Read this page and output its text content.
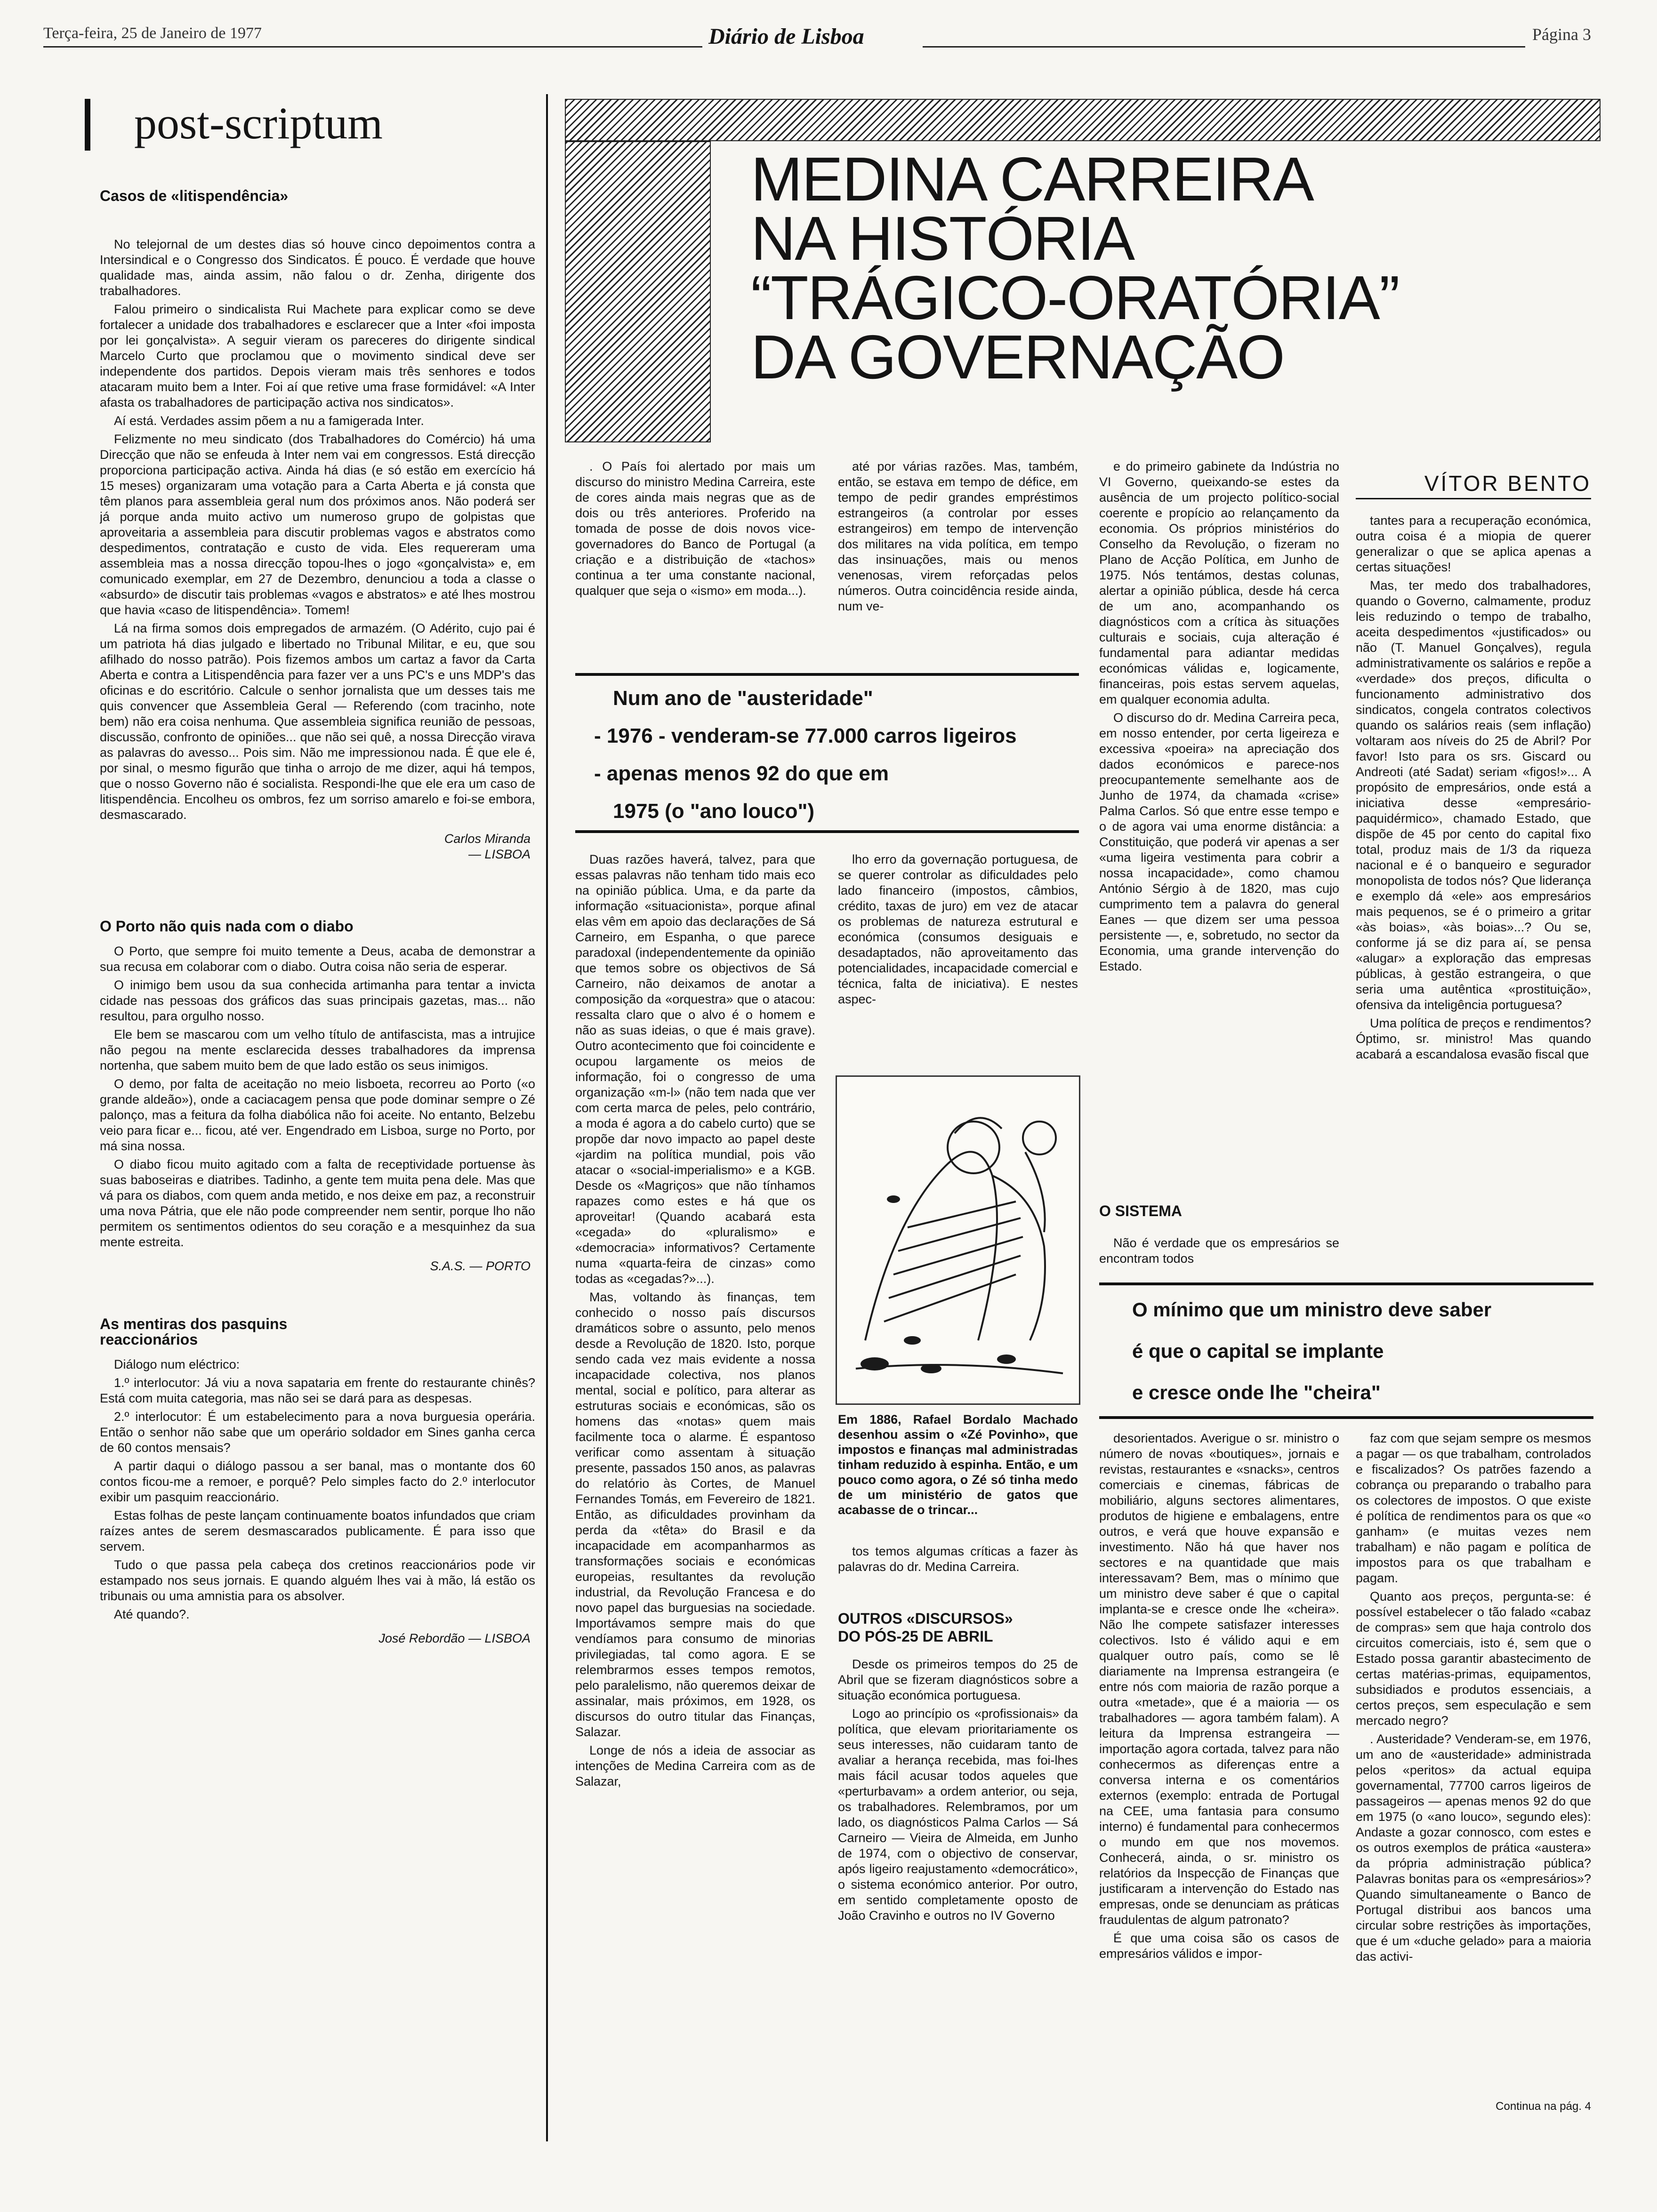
Terça-feira, 25 de Janeiro de 1977	Diário de Lisboa	Página 3
post-scriptum
Casos de «litispendência»

No telejornal de um destes dias só houve cinco depoimentos contra a Intersindical e o Congresso dos Sindicatos. É pouco. É verdade que houve qualidade mas, ainda assim, não falou o dr. Zenha, dirigente dos trabalhadores.

Falou primeiro o sindicalista Rui Machete para explicar como se deve fortalecer a unidade dos trabalhadores e esclarecer que a Inter «foi imposta por lei gonçalvista». A seguir vieram os pareceres do dirigente sindical Marcelo Curto que proclamou que o movimento sindical deve ser independente dos partidos. Depois vieram mais três senhores e todos atacaram muito bem a Inter. Foi aí que retive uma frase formidável: «A Inter afasta os trabalhadores de participação activa nos sindicatos».

Aí está. Verdades assim põem a nu a famigerada Inter.

Felizmente no meu sindicato (dos Trabalhadores do Comércio) há uma Direcção que não se enfeuda à Inter nem vai em congressos. Está direcção proporciona participação activa. Ainda há dias (e só estão em exercício há 15 meses) organizaram uma votação para a Carta Aberta e já consta que têm planos para assembleia geral num dos próximos anos. Não poderá ser já porque anda muito activo um numeroso grupo de golpistas que aproveitaria a assembleia para discutir problemas vagos e abstratos como despedimentos, contratação e custo de vida. Eles requereram uma assembleia mas a nossa direcção topou-lhes o jogo «gonçalvista» e, em comunicado exemplar, em 27 de Dezembro, denunciou a toda a classe o «absurdo» de discutir tais problemas «vagos e abstratos» e até lhes mostrou que havia «caso de litispendência». Tomem!

Lá na firma somos dois empregados de armazém. (O Adérito, cujo pai é um patriota há dias julgado e libertado no Tribunal Militar, e eu, que sou afilhado do nosso patrão). Pois fizemos ambos um cartaz a favor da Carta Aberta e contra a Litispendência para fazer ver a uns PC's e uns MDP's das oficinas e do escritório. Calcule o senhor jornalista que um desses tais me quis convencer que Assembleia Geral — Referendo (com tracinho, note bem) não era coisa nenhuma. Que assembleia significa reunião de pessoas, discussão, confronto de opiniões... que não sei quê, a nossa Direcção virava as palavras do avesso... Pois sim. Não me impressionou nada. É que ele é, por sinal, o mesmo figurão que tinha o arrojo de me dizer, aqui há tempos, que o nosso Governo não é socialista. Respondi-lhe que ele era um caso de litispendência. Encolheu os ombros, fez um sorriso amarelo e foi-se embora, desmascarado.

Carlos Miranda
— LISBOA
O Porto não quis nada com o diabo

O Porto, que sempre foi muito temente a Deus, acaba de demonstrar a sua recusa em colaborar com o diabo. Outra coisa não seria de esperar.

O inimigo bem usou da sua conhecida artimanha para tentar a invicta cidade nas pessoas dos gráficos das suas principais gazetas, mas... não resultou, para orgulho nosso.

Ele bem se mascarou com um velho título de antifascista, mas a intrujice não pegou na mente esclarecida desses trabalhadores da imprensa nortenha, que sabem muito bem de que lado estão os seus inimigos.

O demo, por falta de aceitação no meio lisboeta, recorreu ao Porto («o grande aldeão»), onde a caciacagem pensa que pode dominar sempre o Zé palonço, mas a feitura da folha diabólica não foi aceite. No entanto, Belzebu veio para ficar e... ficou, até ver. Engendrado em Lisboa, surge no Porto, por má sina nossa.

O diabo ficou muito agitado com a falta de receptividade portuense às suas baboseiras e diatribes. Tadinho, a gente tem muita pena dele. Mas que vá para os diabos, com quem anda metido, e nos deixe em paz, a reconstruir uma nova Pátria, que ele não pode compreender nem sentir, porque lho não permitem os sentimentos odientos do seu coração e a mesquinhez da sua mente estreita.

S.A.S. — PORTO
As mentiras dos pasquins
reaccionários

Diálogo num eléctrico:

1.º interlocutor: Já viu a nova sapataria em frente do restaurante chinês? Está com muita categoria, mas não sei se dará para as despesas.

2.º interlocutor: É um estabelecimento para a nova burguesia operária. Então o senhor não sabe que um operário soldador em Sines ganha cerca de 60 contos mensais?

A partir daqui o diálogo passou a ser banal, mas o montante dos 60 contos ficou-me a remoer, e porquê? Pelo simples facto do 2.º interlocutor exibir um pasquim reaccionário.

Estas folhas de peste lançam continuamente boatos infundados que criam raízes antes de serem desmascarados publicamente. É para isso que servem.

Tudo o que passa pela cabeça dos cretinos reaccionários pode vir estampado nos seus jornais. E quando alguém lhes vai à mão, lá estão os tribunais ou uma amnistia para os absolver.

Até quando?.

José Rebordão — LISBOA
MEDINA CARREIRA
NA HISTÓRIA
“TRÁGICO-ORATÓRIA”
DA GOVERNAÇÃO

. O País foi alertado por mais um discurso do ministro Medina Carreira, este de cores ainda mais negras que as de dois ou três anteriores. Proferido na tomada de posse de dois novos vice-governadores do Banco de Portugal (a criação e a distribuição de «tachos» continua a ter uma constante nacional, qualquer que seja o «ismo» em moda...).

até por várias razões. Mas, também, então, se estava em tempo de défice, em tempo de pedir grandes empréstimos estrangeiros (a controlar por esses estrangeiros) em tempo de intervenção dos militares na vida política, em tempo das insinuações, mais ou menos venenosas, virem reforçadas pelos números. Outra coincidência reside ainda, num ve-

Num ano de "austeridade"
- 1976 - venderam-se 77.000 carros ligeiros
- apenas menos 92 do que em
1975 (o "ano louco")

Duas razões haverá, talvez, para que essas palavras não tenham tido mais eco na opinião pública. Uma, e da parte da informação «situacionista», porque afinal elas vêm em apoio das declarações de Sá Carneiro, em Espanha, o que parece paradoxal (independentemente da opinião que temos sobre os objectivos de Sá Carneiro, não deixamos de anotar a composição da «orquestra» que o atacou: ressalta claro que o alvo é o homem e não as suas ideias, o que é mais grave). Outro acontecimento que foi coincidente e ocupou largamente os meios de informação, foi o congresso de uma organização «m-l» (não tem nada que ver com certa marca de peles, pelo contrário, a moda é agora a do cabelo curto) que se propõe dar novo impacto ao papel deste «jardim na política mundial, pois vão atacar o «social-imperialismo» e a KGB. Desde os «Magriços» que não tínhamos rapazes como estes e há que os aproveitar! (Quando acabará esta «cegada» do «pluralismo» e «democracia» informativos? Certamente numa «quarta-feira de cinzas» como todas as «cegadas?»...).

Mas, voltando às finanças, tem conhecido o nosso país discursos dramáticos sobre o assunto, pelo menos desde a Revolução de 1820. Isto, porque sendo cada vez mais evidente a nossa incapacidade colectiva, nos planos mental, social e político, para alterar as estruturas sociais e económicas, são os homens das «notas» quem mais facilmente toca o alarme. É espantoso verificar como assentam à situação presente, passados 150 anos, as palavras do relatório às Cortes, de Manuel Fernandes Tomás, em Fevereiro de 1821. Então, as dificuldades provinham da perda da «têta» do Brasil e da incapacidade em acompanharmos as transformações sociais e económicas europeias, resultantes da revolução industrial, da Revolução Francesa e do novo papel das burguesias na sociedade. Importávamos sempre mais do que vendíamos para consumo de minorias privilegiadas, tal como agora. E se relembrarmos esses tempos remotos, pelo paralelismo, não queremos deixar de assinalar, mais próximos, em 1928, os discursos do outro titular das Finanças, Salazar.

Longe de nós a ideia de associar as intenções de Medina Carreira com as de Salazar,

lho erro da governação portuguesa, de se querer controlar as dificuldades pelo lado financeiro (impostos, câmbios, crédito, taxas de juro) em vez de atacar os problemas de natureza estrutural e económica (consumos desiguais e desadaptados, não aproveitamento das potencialidades, incapacidade comercial e técnica, falta de iniciativa). E nestes aspec-

Em 1886, Rafael Bordalo Machado desenhou assim o «Zé Povinho», que impostos e finanças mal administradas tinham reduzido à espinha. Então, e um pouco como agora, o Zé só tinha medo de um ministério de gatos que acabasse de o trincar...

tos temos algumas críticas a fazer às palavras do dr. Medina Carreira.

OUTROS «DISCURSOS»
DO PÓS-25 DE ABRIL

Desde os primeiros tempos do 25 de Abril que se fizeram diagnósticos sobre a situação económica portuguesa.

Logo ao princípio os «profissionais» da política, que elevam prioritariamente os seus interesses, não cuidaram tanto de avaliar a herança recebida, mas foi-lhes mais fácil acusar todos aqueles que «perturbavam» a ordem anterior, ou seja, os trabalhadores. Relembramos, por um lado, os diagnósticos Palma Carlos — Sá Carneiro — Vieira de Almeida, em Junho de 1974, com o objectivo de conservar, após ligeiro reajustamento «democrático», o sistema económico anterior. Por outro, em sentido completamente oposto de João Cravinho e outros no IV Governo

e do primeiro gabinete da Indústria no VI Governo, queixando-se estes da ausência de um projecto político-social coerente e propício ao relançamento da economia. Os próprios ministérios do Conselho da Revolução, o fizeram no Plano de Acção Política, em Junho de 1975. Nós tentámos, destas colunas, alertar a opinião pública, desde há cerca de um ano, acompanhando os diagnósticos com a crítica às situações culturais e sociais, cuja alteração é fundamental para adiantar medidas económicas válidas e, logicamente, financeiras, pois estas servem aquelas, em qualquer economia adulta.

O discurso do dr. Medina Carreira peca, em nosso entender, por certa ligeireza e excessiva «poeira» na apreciação dos dados económicos e parece-nos preocupantemente semelhante aos de Junho de 1974, da chamada «crise» Palma Carlos. Só que entre esse tempo e o de agora vai uma enorme distância: a Constituição, que poderá vir apenas a ser «uma ligeira vestimenta para cobrir a nossa incapacidade», como chamou António Sérgio à de 1820, mas cujo cumprimento tem a palavra do general Eanes — que dizem ser uma pessoa persistente —, e, sobretudo, no sector da Economia, uma grande intervenção do Estado.

O SISTEMA

Não é verdade que os empresários se encontram todos

VÍTOR BENTO

tantes para a recuperação económica, outra coisa é a miopia de querer generalizar o que se aplica apenas a certas situações!

Mas, ter medo dos trabalhadores, quando o Governo, calmamente, produz leis reduzindo o tempo de trabalho, aceita despedimentos «justificados» ou não (T. Manuel Gonçalves), regula administrativamente os salários e repõe a «verdade» dos preços, dificulta o funcionamento administrativo dos sindicatos, congela contratos colectivos quando os salários reais (sem inflação) voltaram aos níveis do 25 de Abril? Por favor! Isto para os srs. Giscard ou Andreoti (até Sadat) seriam «figos!»... A propósito de empresários, onde está a iniciativa desse «empresário-paquidérmico», chamado Estado, que dispõe de 45 por cento do capital fixo total, produz mais de 1/3 da riqueza nacional e é o banqueiro e segurador monopolista de todos nós? Que liderança e exemplo dá «ele» aos empresários mais pequenos, se é o primeiro a gritar «às boias», «às boias»...? Ou se, conforme já se diz para aí, se pensa «alugar» a exploração das empresas públicas, à gestão estrangeira, o que seria uma autêntica «prostituição», ofensiva da inteligência portuguesa?

Uma política de preços e rendimentos? Óptimo, sr. ministro! Mas quando acabará a escandalosa evasão fiscal que

O mínimo que um ministro deve saber
é que o capital se implante
e cresce onde lhe "cheira"

desorientados. Averigue o sr. ministro o número de novas «boutiques», jornais e revistas, restaurantes e «snacks», centros comerciais e cinemas, fábricas de mobiliário, alguns sectores alimentares, produtos de higiene e embalagens, entre outros, e verá que houve expansão e investimento. Não há que haver nos sectores e na quantidade que mais interessavam? Bem, mas o mínimo que um ministro deve saber é que o capital implanta-se e cresce onde lhe «cheira». Não lhe compete satisfazer interesses colectivos. Isto é válido aqui e em qualquer outro país, como se lê diariamente na Imprensa estrangeira (e entre nós com maioria de razão porque a outra «metade», que é a maioria — os trabalhadores — agora também falam). A leitura da Imprensa estrangeira — importação agora cortada, talvez para não conhecermos as diferenças entre a conversa interna e os comentários externos (exemplo: entrada de Portugal na CEE, uma fantasia para consumo interno) é fundamental para conhecermos o mundo em que nos movemos. Conhecerá, ainda, o sr. ministro os relatórios da Inspecção de Finanças que justificaram a intervenção do Estado nas empresas, onde se denunciam as práticas fraudulentas de algum patronato?

É que uma coisa são os casos de empresários válidos e impor-

faz com que sejam sempre os mesmos a pagar — os que trabalham, controlados e fiscalizados? Os patrões fazendo a cobrança ou preparando o trabalho para os colectores de impostos. O que existe é política de rendimentos para os que «o ganham» (e muitas vezes nem trabalham) e não pagam e política de impostos para os que trabalham e pagam.

Quanto aos preços, pergunta-se: é possível estabelecer o tão falado «cabaz de compras» sem que haja controlo dos circuitos comerciais, isto é, sem que o Estado possa garantir abastecimento de certas matérias-primas, equipamentos, subsidiados e produtos essenciais, a certos preços, sem especulação e sem mercado negro?

. Austeridade? Venderam-se, em 1976, um ano de «austeridade» administrada pelos «peritos» da actual equipa governamental, 77700 carros ligeiros de passageiros — apenas menos 92 do que em 1975 (o «ano louco», segundo eles): Andaste a gozar connosco, com estes e os outros exemplos de prática «austera» da própria administração pública? Palavras bonitas para os «empresários»? Quando simultaneamente o Banco de Portugal distribui aos bancos uma circular sobre restrições às importações, que é um «duche gelado» para a maioria das activi-

Continua na pág. 4
